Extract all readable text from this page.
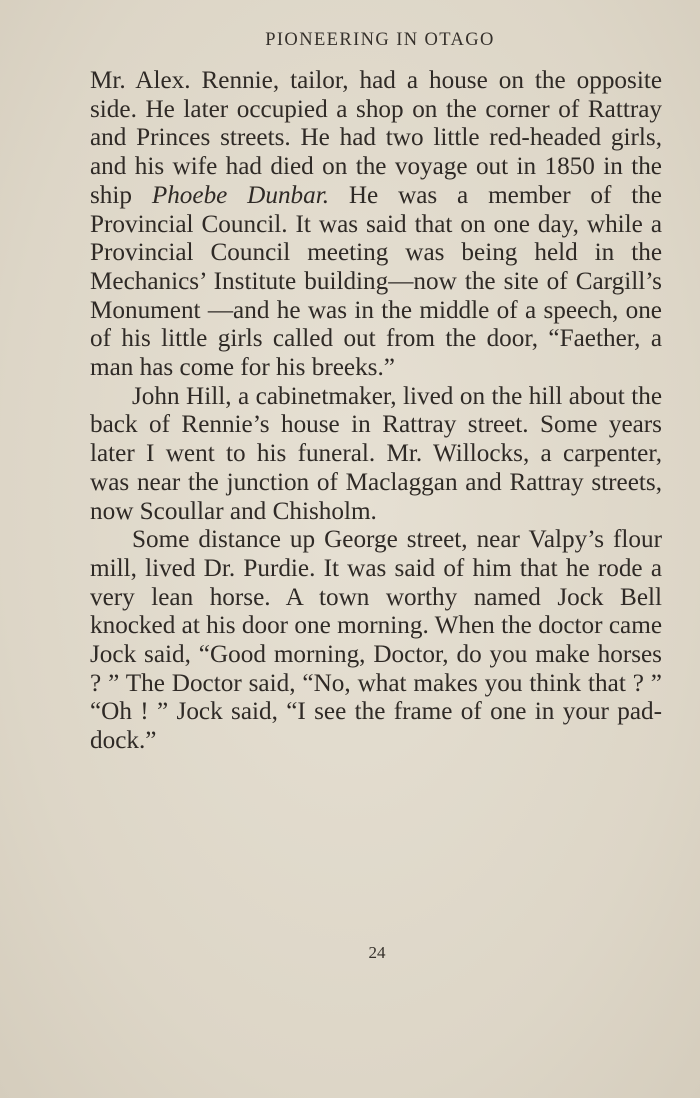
PIONEERING IN OTAGO

Mr. Alex. Rennie, tailor, had a house on the opposite side. He later occupied a shop on the corner of Rattray and Princes streets. He had two little red-headed girls, and his wife had died on the voyage out in 1850 in the ship Phoebe Dunbar. He was a member of the Provincial Council. It was said that on one day, while a Provincial Council meeting was being held in the Mechanics’ Institute building—now the site of Cargill’s Monument —and he was in the middle of a speech, one of his little girls called out from the door, “Faether, a man has come for his breeks.”

John Hill, a cabinetmaker, lived on the hill about the back of Rennie’s house in Rattray street. Some years later I went to his funeral. Mr. Willocks, a carpenter, was near the junction of Maclaggan and Rattray streets, now Scoullar and Chisholm.

Some distance up George street, near Valpy’s flour mill, lived Dr. Purdie. It was said of him that he rode a very lean horse. A town worthy named Jock Bell knocked at his door one morning. When the doctor came Jock said, “Good morning, Doctor, do you make horses ? ” The Doctor said, “No, what makes you think that ? ” “Oh ! ” Jock said, “I see the frame of one in your paddock.”

24
